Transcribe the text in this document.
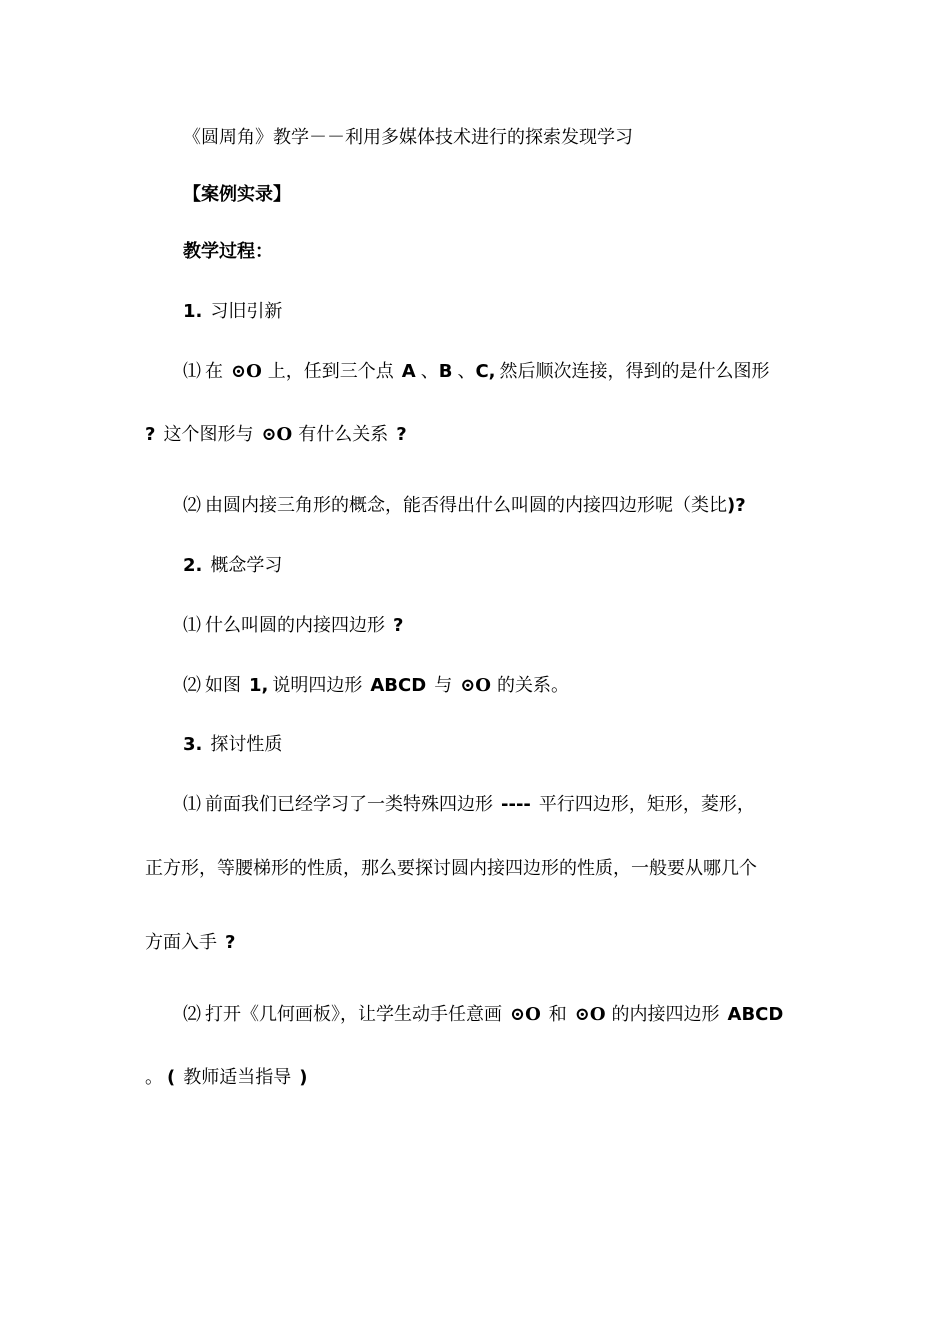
《圆周角》教学－－利用多媒体技术进行的探索发现学习
【案例实录】
教学过程：
1. 习旧引新
⑴ 在 ⊙O 上，任到三个点 A 、B 、C, 然后顺次连接，得到的是什么图形
? 这个图形与 ⊙O 有什么关系 ?
⑵ 由圆内接三角形的概念，能否得出什么叫圆的内接四边形呢（类比)?
2. 概念学习
⑴ 什么叫圆的内接四边形 ?
⑵ 如图 1, 说明四边形 ABCD 与 ⊙O 的关系。
3. 探讨性质
⑴ 前面我们已经学习了一类特殊四边形 ---- 平行四边形，矩形，菱形，
正方形，等腰梯形的性质，那么要探讨圆内接四边形的性质，一般要从哪几个
方面入手 ?
⑵ 打开《几何画板》，让学生动手任意画 ⊙O 和 ⊙O 的内接四边形 ABCD
。 ( 教师适当指导 )
